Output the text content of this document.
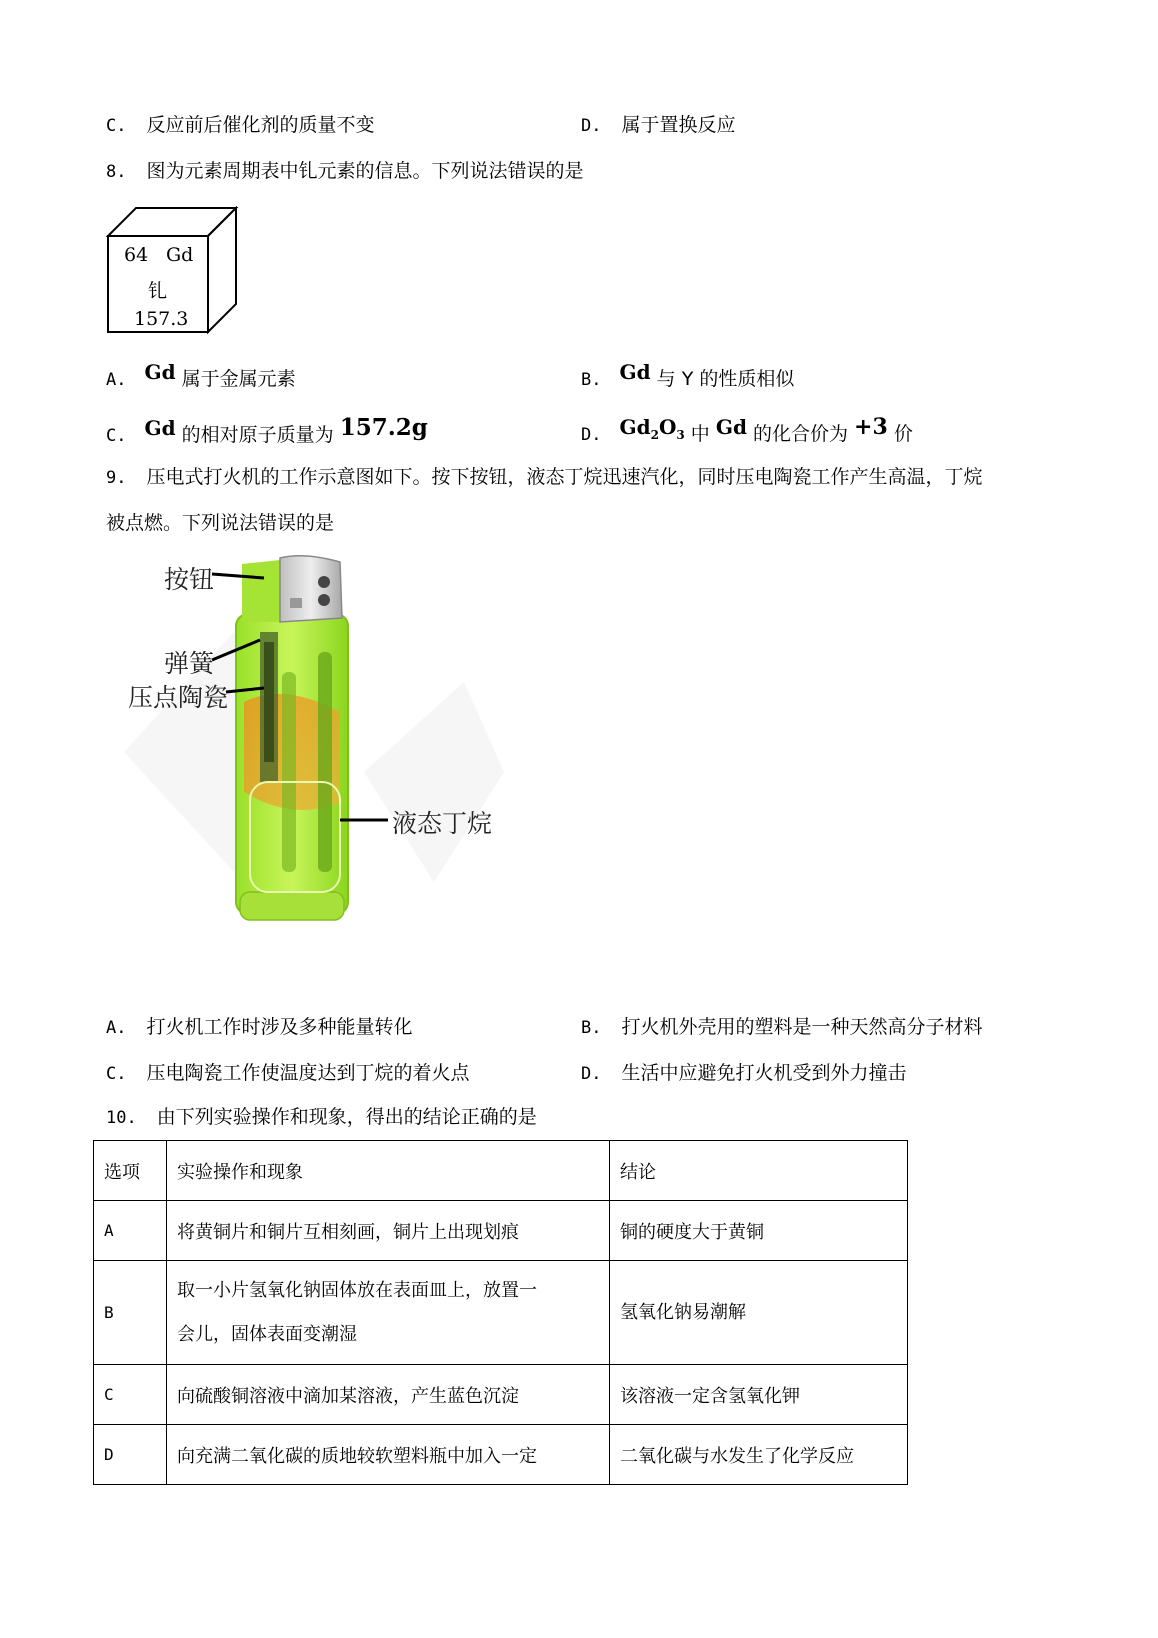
C. 反应前后催化剂的质量不变	D. 属于置换反应
8. 图为元素周期表中钆元素的信息。下列说法错误的是
64 Gd
钆
157.3
A. Gd 属于金属元素	B. Gd 与 Y 的性质相似
C. Gd 的相对原子质量为 157.2g	D. $Gd_2O_3$ 中 Gd 的化合价为 +3 价
9. 压电式打火机的工作示意图如下。按下按钮，液态丁烷迅速汽化，同时压电陶瓷工作产生高温，丁烷
被点燃。下列说法错误的是
按钮
弹簧
压点陶瓷
液态丁烷
A. 打火机工作时涉及多种能量转化	B. 打火机外壳用的塑料是一种天然高分子材料
C. 压电陶瓷工作使温度达到丁烷的着火点	D. 生活中应避免打火机受到外力撞击
10. 由下列实验操作和现象，得出的结论正确的是
选项	实验操作和现象	结论
A	将黄铜片和铜片互相刻画，铜片上出现划痕	铜的硬度大于黄铜
B	取一小片氢氧化钠固体放在表面皿上，放置一
会儿，固体表面变潮湿	氢氧化钠易潮解
C	向硫酸铜溶液中滴加某溶液，产生蓝色沉淀	该溶液一定含氢氧化钾
D	向充满二氧化碳的质地较软塑料瓶中加入一定	二氧化碳与水发生了化学反应
